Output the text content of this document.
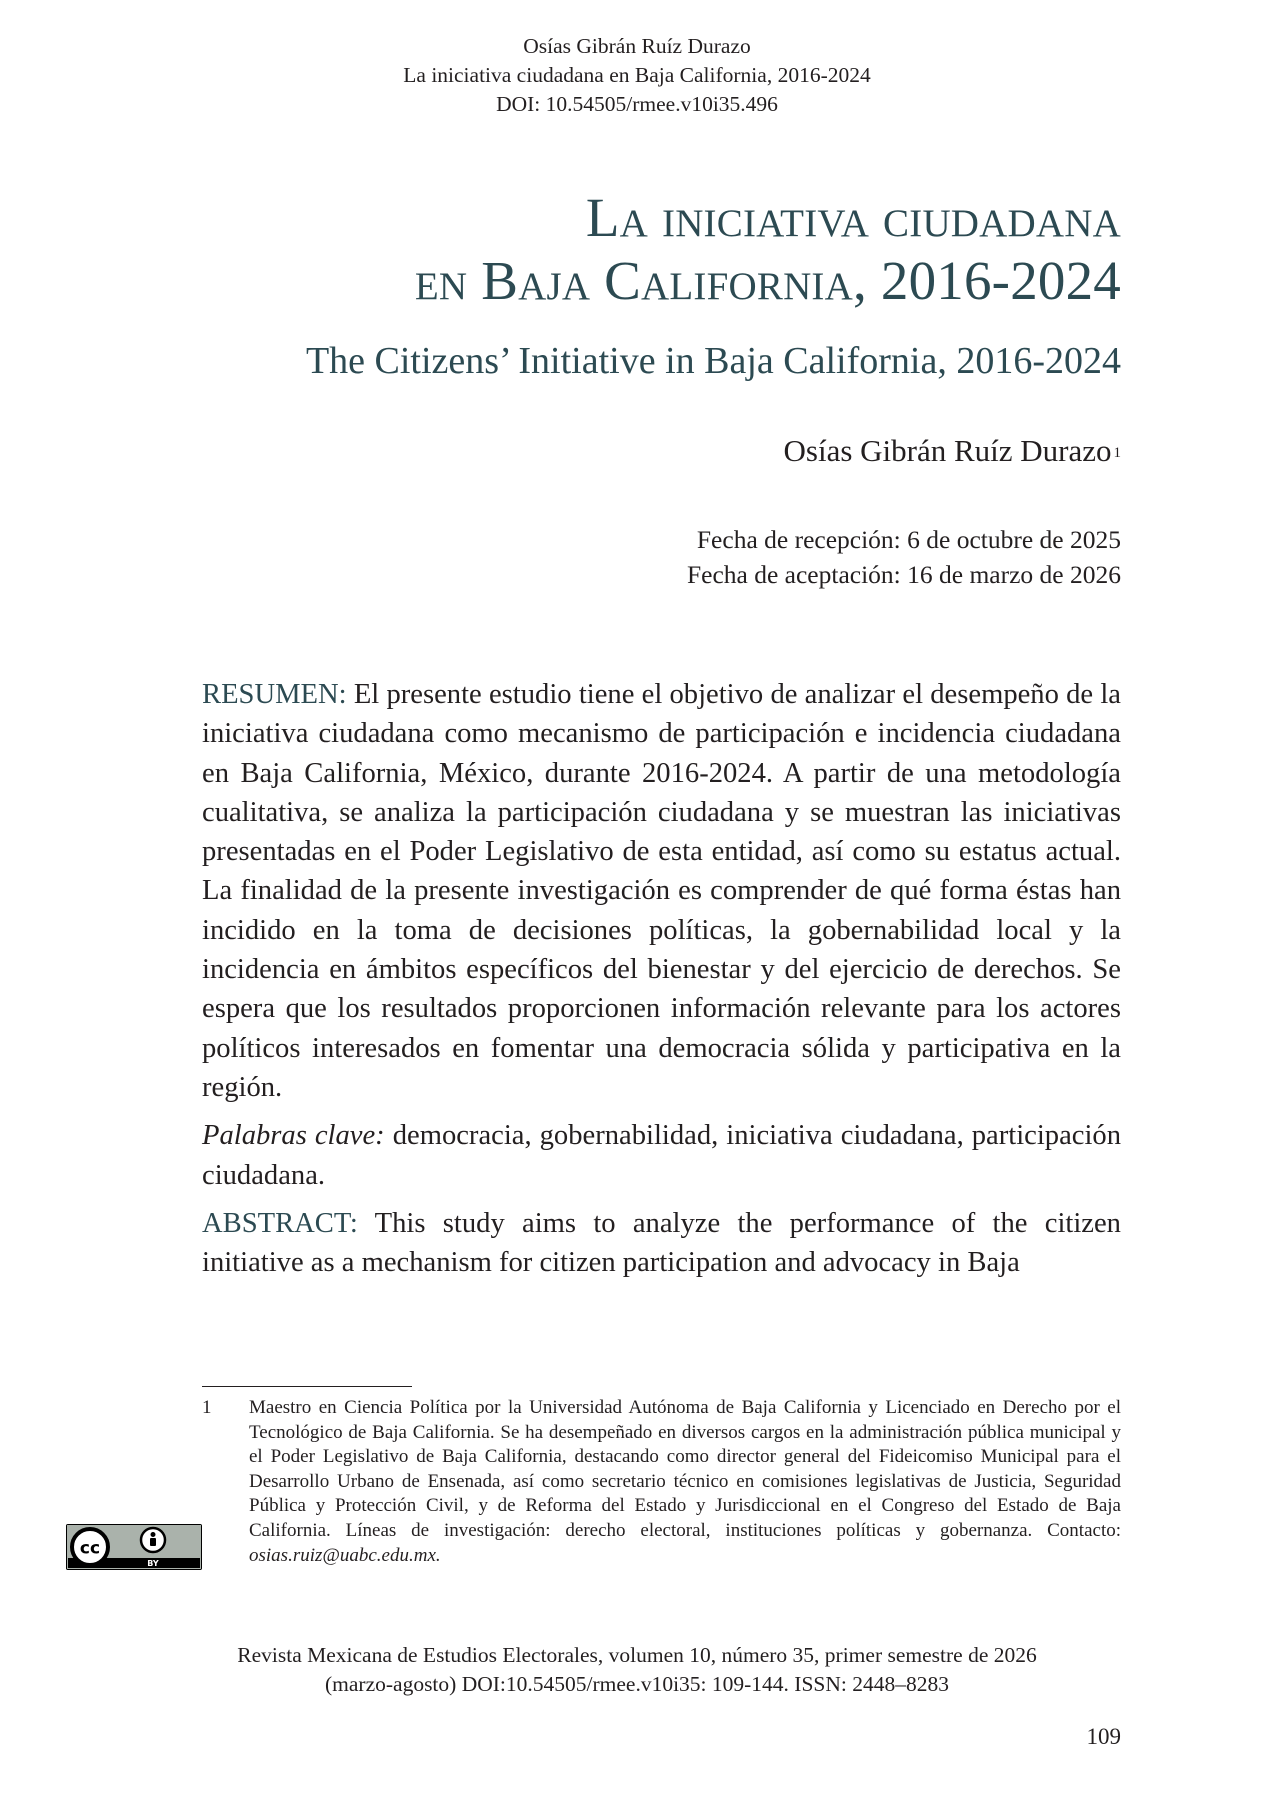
Osías Gibrán Ruíz Durazo
La iniciativa ciudadana en Baja California, 2016-2024
DOI: 10.54505/rmee.v10i35.496
La iniciativa ciudadana
en Baja California, 2016-2024
The Citizens’ Initiative in Baja California, 2016-2024
Osías Gibrán Ruíz Durazo $^1$
Fecha de recepción: 6 de octubre de 2025
Fecha de aceptación: 16 de marzo de 2026

RESUMEN: El presente estudio tiene el objetivo de analizar el desempeño de la iniciativa ciudadana como mecanismo de participación e incidencia ciudadana en Baja California, México, durante 2016-2024. A partir de una metodología cualitativa, se analiza la participación ciudadana y se muestran las iniciativas presentadas en el Poder Legislativo de esta entidad, así como su estatus actual. La finalidad de la presente investigación es comprender de qué forma éstas han incidido en la toma de decisiones políticas, la gobernabilidad local y la incidencia en ámbitos específicos del bienestar y del ejercicio de derechos. Se espera que los resultados proporcionen información relevante para los actores políticos interesados en fomentar una democracia sólida y participativa en la región.

Palabras clave: democracia, gobernabilidad, iniciativa ciudadana, participación ciudadana.

ABSTRACT: This study aims to analyze the performance of the citizen initiative as a mechanism for citizen participation and advocacy in Baja

1 Maestro en Ciencia Política por la Universidad Autónoma de Baja California y Licenciado en Derecho por el Tecnológico de Baja California. Se ha desempeñado en diversos cargos en la administración pública municipal y el Poder Legislativo de Baja California, destacando como director general del Fideicomiso Municipal para el Desarrollo Urbano de Ensenada, así como secretario técnico en comisiones legislativas de Justicia, Seguridad Pública y Protección Civil, y de Reforma del Estado y Jurisdiccional en el Congreso del Estado de Baja California. Líneas de investigación: derecho electoral, instituciones políticas y gobernanza. Contacto: osias.ruiz@uabc.edu.mx.
cc
BY
Revista Mexicana de Estudios Electorales, volumen 10, número 35, primer semestre de 2026
(marzo-agosto) DOI:10.54505/rmee.v10i35: 109-144. ISSN: 2448–8283
109
